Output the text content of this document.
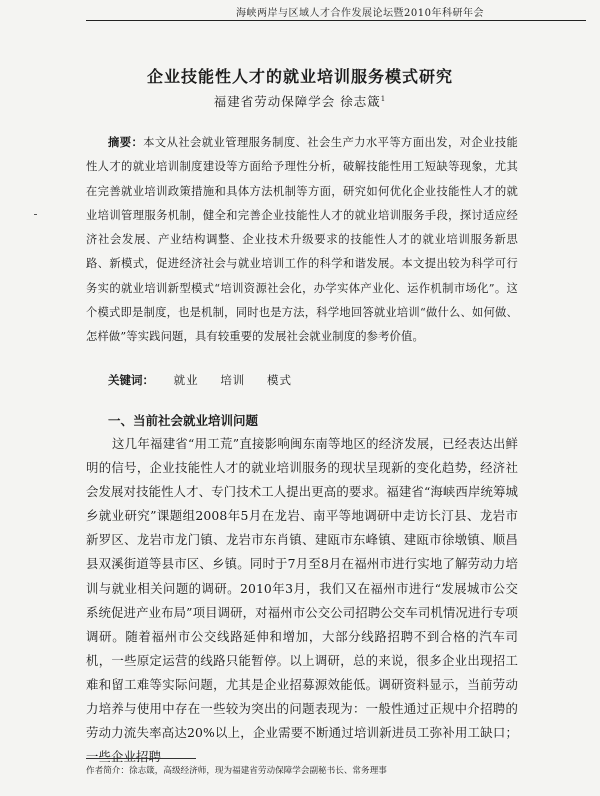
海峡两岸与区域人才合作发展论坛暨2010年科研年会
企业技能性人才的就业培训服务模式研究
福建省劳动保障学会 徐志箴$^1$
摘要：本文从社会就业管理服务制度、社会生产力水平等方面出发，对企业技能性人才的就业培训制度建设等方面给予理性分析，破解技能性用工短缺等现象，尤其在完善就业培训政策措施和具体方法机制等方面，研究如何优化企业技能性人才的就业培训管理服务机制，健全和完善企业技能性人才的就业培训服务手段，探讨适应经济社会发展、产业结构调整、企业技术升级要求的技能性人才的就业培训服务新思路、新模式，促进经济社会与就业培训工作的科学和谐发展。本文提出较为科学可行务实的就业培训新型模式“培训资源社会化，办学实体产业化、运作机制市场化”。这个模式即是制度，也是机制，同时也是方法，科学地回答就业培训“做什么、如何做、怎样做”等实践问题，具有较重要的发展社会就业制度的参考价值。
关键词： 就业 培训 模式
一、当前社会就业培训问题

这几年福建省“用工荒”直接影响闽东南等地区的经济发展，已经表达出鲜明的信号，企业技能性人才的就业培训服务的现状呈现新的变化趋势，经济社会发展对技能性人才、专门技术工人提出更高的要求。福建省“海峡西岸统筹城乡就业研究”课题组2008年5月在龙岩、南平等地调研中走访长汀县、龙岩市新罗区、龙岩市龙门镇、龙岩市东肖镇、建瓯市东峰镇、建瓯市徐墩镇、顺昌县双溪街道等县市区、乡镇。同时于7月至8月在福州市进行实地了解劳动力培训与就业相关问题的调研。2010年3月，我们又在福州市进行“发展城市公交系统促进产业布局”项目调研，对福州市公交公司招聘公交车司机情况进行专项调研。随着福州市公交线路延伸和增加，大部分线路招聘不到合格的汽车司机，一些原定运营的线路只能暂停。以上调研，总的来说，很多企业出现招工难和留工难等实际问题，尤其是企业招募源效能低。调研资料显示，当前劳动力培养与使用中存在一些较为突出的问题表现为：一般性通过正规中介招聘的劳动力流失率高达20%以上，企业需要不断通过培训新进员工弥补用工缺口；一些企业招聘

作者简介：徐志箴，高级经济师，现为福建省劳动保障学会副秘书长、常务理事
